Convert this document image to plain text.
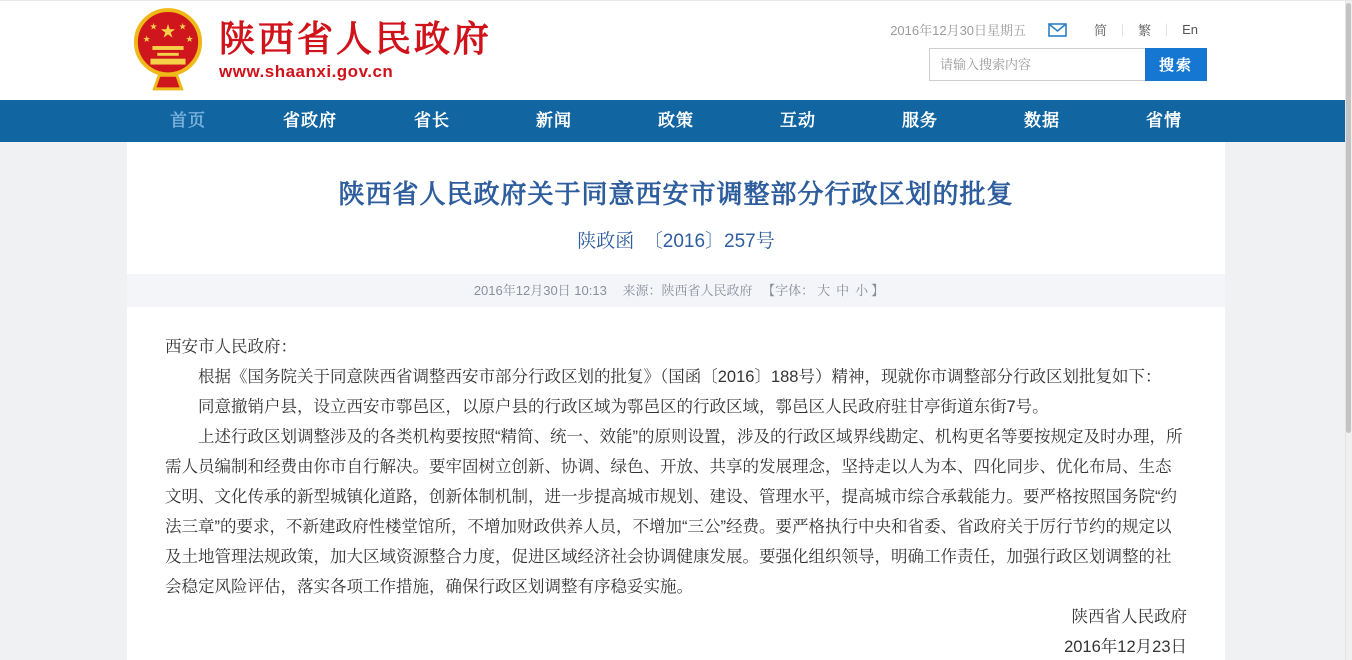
★
★ ★
★	★ 陕西省人民政府
www.shaanxi.gov.cn
2016年12月30日星期五	简 ｜ 繁 ｜ En
请输入搜索内容
搜索
首页	省政府	省长	新闻	政策	互动	服务	数据	省情
陕西省人民政府关于同意西安市调整部分行政区划的批复
陕政函　〔2016〕257号
2016年12月30日 10:13 来源：陕西省人民政府 【字体： 大 中 小 】

西安市人民政府：

根据《国务院关于同意陕西省调整西安市部分行政区划的批复》（国函〔2016〕188号）精神，现就你市调整部分行政区划批复如下：

同意撤销户县，设立西安市鄠邑区，以原户县的行政区域为鄠邑区的行政区域，鄠邑区人民政府驻甘亭街道东街7号。

上述行政区划调整涉及的各类机构要按照“精简、统一、效能”的原则设置，涉及的行政区域界线勘定、机构更名等要按规定及时办理，所需人员编制和经费由你市自行解决。要牢固树立创新、协调、绿色、开放、共享的发展理念，坚持走以人为本、四化同步、优化布局、生态文明、文化传承的新型城镇化道路，创新体制机制，进一步提高城市规划、建设、管理水平，提高城市综合承载能力。要严格按照国务院“约法三章”的要求，不新建政府性楼堂馆所，不增加财政供养人员，不增加“三公”经费。要严格执行中央和省委、省政府关于厉行节约的规定以及土地管理法规政策，加大区域资源整合力度，促进区域经济社会协调健康发展。要强化组织领导，明确工作责任，加强行政区划调整的社会稳定风险评估，落实各项工作措施，确保行政区划调整有序稳妥实施。

陕西省人民政府

2016年12月23日
